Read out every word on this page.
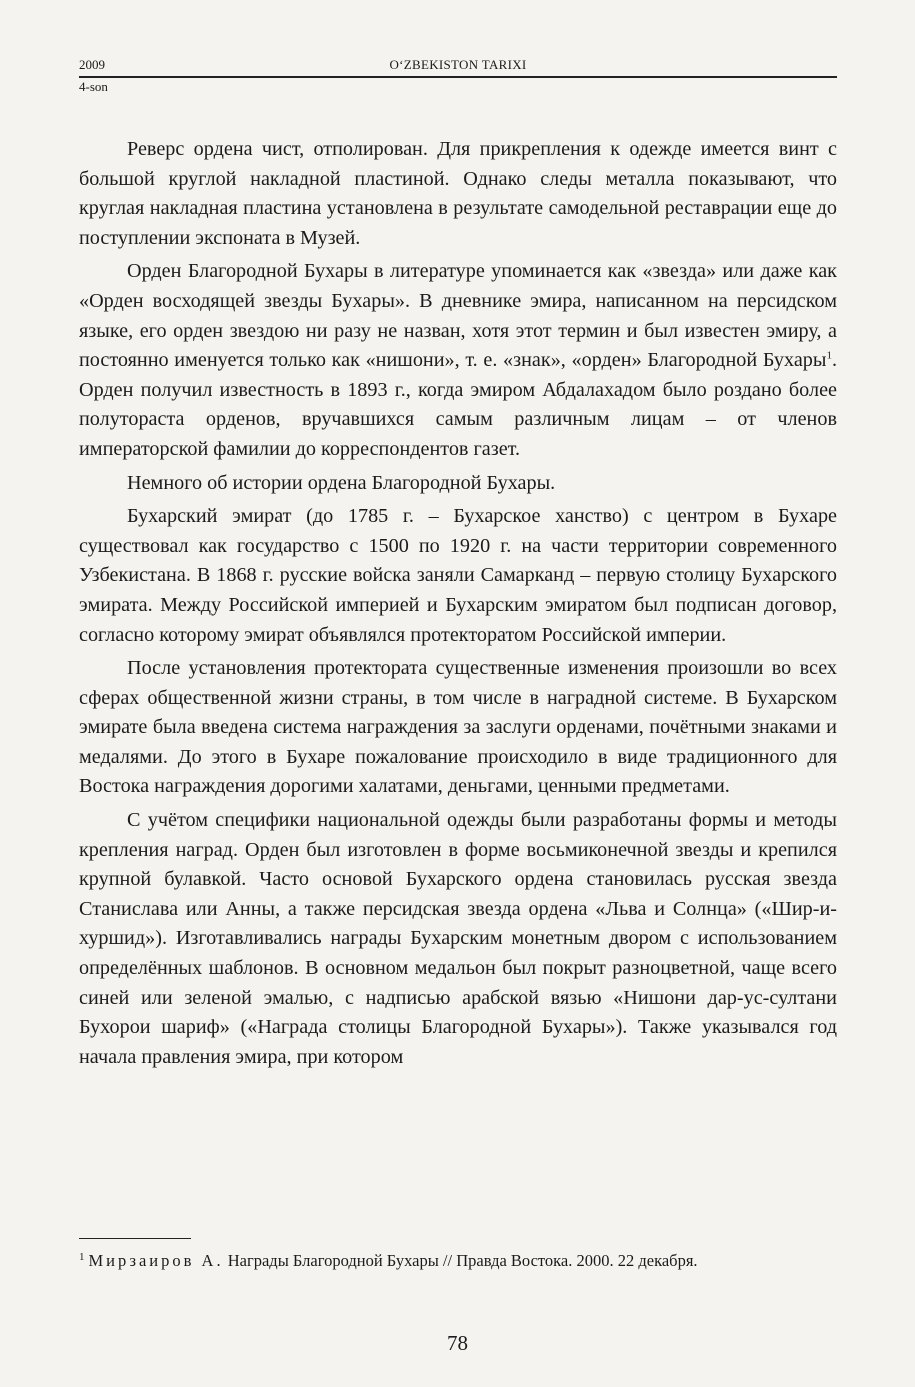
2009	O‘ZBEKISTON TARIXI
4-son

Реверс ордена чист, отполирован. Для прикрепления к одежде имеется винт с большой круглой накладной пластиной. Однако следы металла показывают, что круглая накладная пластина установлена в результате самодельной реставрации еще до поступлении экспоната в Музей.

Орден Благородной Бухары в литературе упоминается как «звезда» или даже как «Орден восходящей звезды Бухары». В дневнике эмира, написанном на персидском языке, его орден звездою ни разу не назван, хотя этот термин и был известен эмиру, а постоянно именуется только как «нишони», т. е. «знак», «орден» Благородной Бухары$^1$. Орден получил известность в 1893 г., когда эмиром Абдалахадом было роздано более полутораста орденов, вручавшихся самым различным лицам – от членов императорской фамилии до корреспондентов газет.

Немного об истории ордена Благородной Бухары.

Бухарский эмират (до 1785 г. – Бухарское ханство) с центром в Бухаре существовал как государство с 1500 по 1920 г. на части территории современного Узбекистана. В 1868 г. русские войска заняли Самарканд – первую столицу Бухарского эмирата. Между Российской империей и Бухарским эмиратом был подписан договор, согласно которому эмират объявлялся протекторатом Российской империи.

После установления протектората существенные изменения произошли во всех сферах общественной жизни страны, в том числе в наградной системе. В Бухарском эмирате была введена система награждения за заслуги орденами, почётными знаками и медалями. До этого в Бухаре пожалование происходило в виде традиционного для Востока награждения дорогими халатами, деньгами, ценными предметами.

С учётом специфики национальной одежды были разработаны формы и методы крепления наград. Орден был изготовлен в форме восьмиконечной звезды и крепился крупной булавкой. Часто основой Бухарского ордена становилась русская звезда Станислава или Анны, а также персидская звезда ордена «Льва и Солнца» («Шир-и-хуршид»). Изготавливались награды Бухарским монетным двором с использованием определённых шаблонов. В основном медальон был покрыт разноцветной, чаще всего синей или зеленой эмалью, с надписью арабской вязью «Нишони дар-ус-султани Бухорои шариф» («Награда столицы Благородной Бухары»). Также указывался год начала правления эмира, при котором

$^1$ Мирзаиров А. Награды Благородной Бухары // Правда Востока. 2000. 22 декабря.
78
